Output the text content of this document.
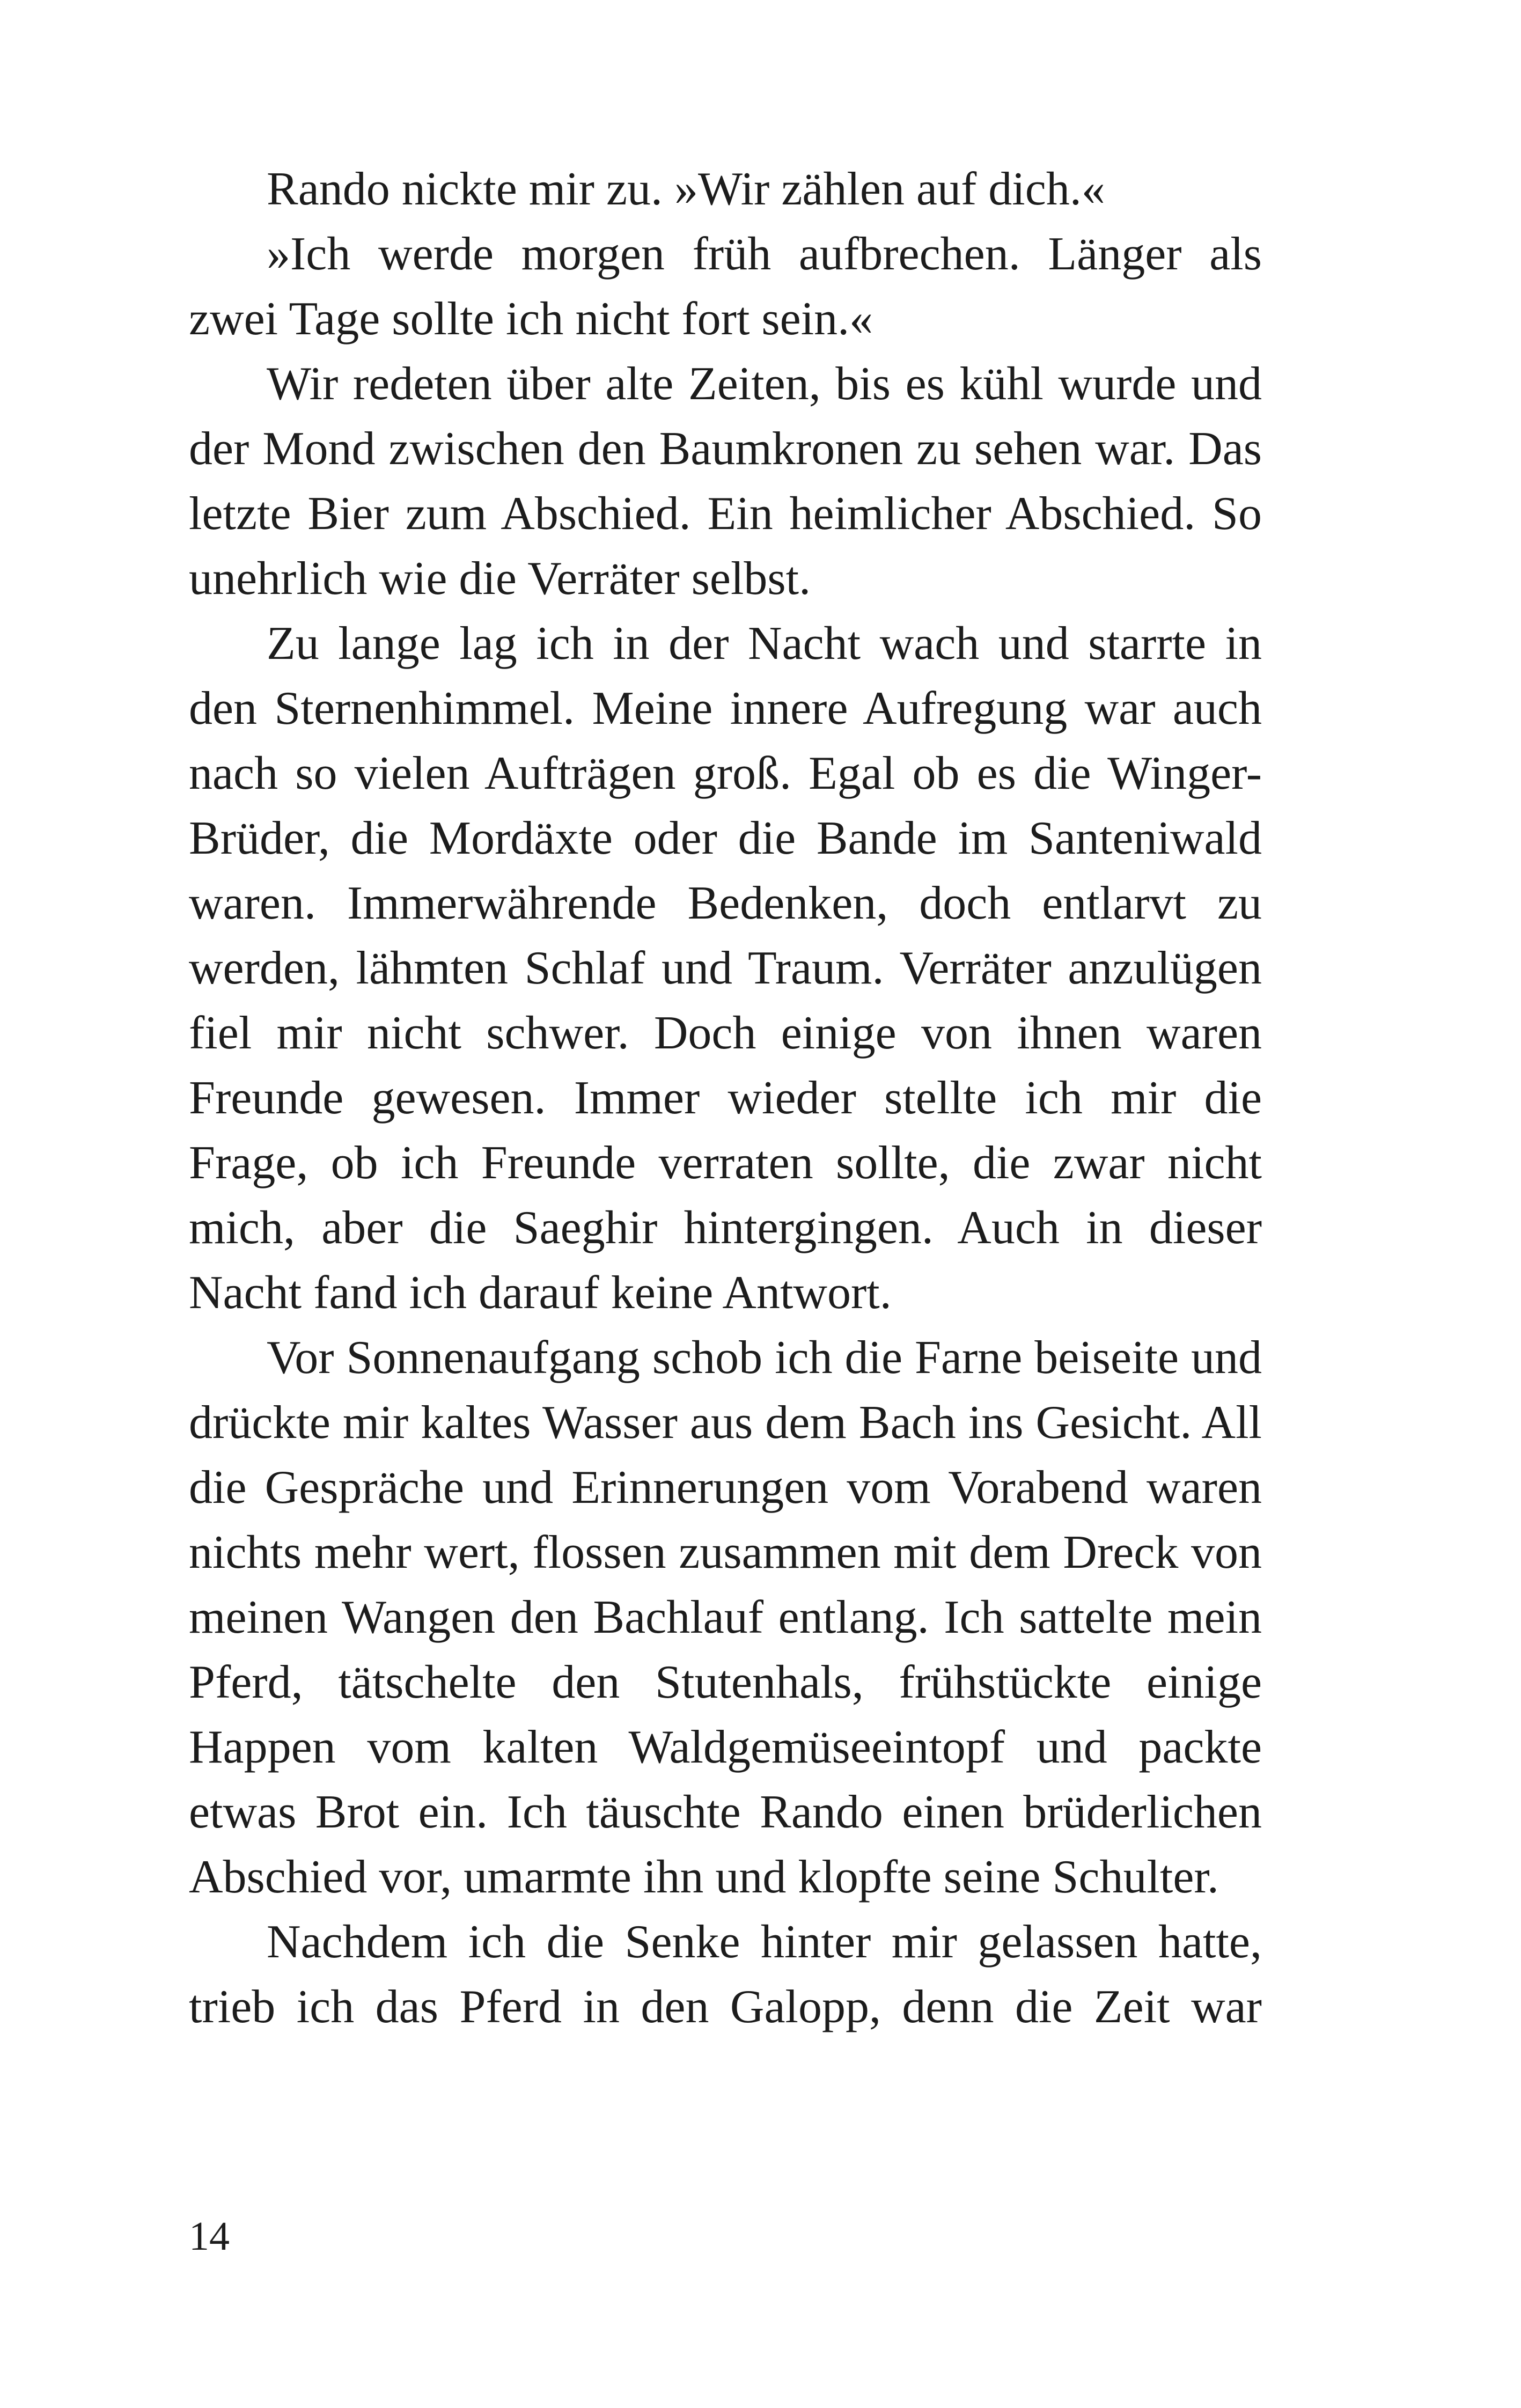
Rando nickte mir zu. »Wir zählen auf dich.«

»Ich werde morgen früh aufbrechen. Länger als zwei Tage sollte ich nicht fort sein.«

Wir redeten über alte Zeiten, bis es kühl wurde und der Mond zwischen den Baumkronen zu sehen war. Das letzte Bier zum Abschied. Ein heimlicher Abschied. So unehrlich wie die Verräter selbst.

Zu lange lag ich in der Nacht wach und starrte in den Sternenhimmel. Meine innere Aufregung war auch nach so vielen Aufträgen groß. Egal ob es die Winger-Brüder, die Mordäxte oder die Bande im Santeniwald waren. Immerwährende Bedenken, doch entlarvt zu werden, lähmten Schlaf und Traum. Verräter anzulügen fiel mir nicht schwer. Doch einige von ihnen waren Freunde gewesen. Immer wieder stellte ich mir die Frage, ob ich Freunde verraten sollte, die zwar nicht mich, aber die Saeghir hintergingen. Auch in dieser Nacht fand ich darauf keine Antwort.

Vor Sonnenaufgang schob ich die Farne beiseite und drückte mir kaltes Wasser aus dem Bach ins Gesicht. All die Gespräche und Erinnerungen vom Vorabend waren nichts mehr wert, flossen zusammen mit dem Dreck von meinen Wangen den Bachlauf entlang. Ich sattelte mein Pferd, tätschelte den Stutenhals, frühstückte einige Happen vom kalten Waldgemüseeintopf und packte etwas Brot ein. Ich täuschte Rando einen brüderlichen Abschied vor, umarmte ihn und klopfte seine Schulter.

Nachdem ich die Senke hinter mir gelassen hatte, trieb ich das Pferd in den Galopp, denn die Zeit war

14
